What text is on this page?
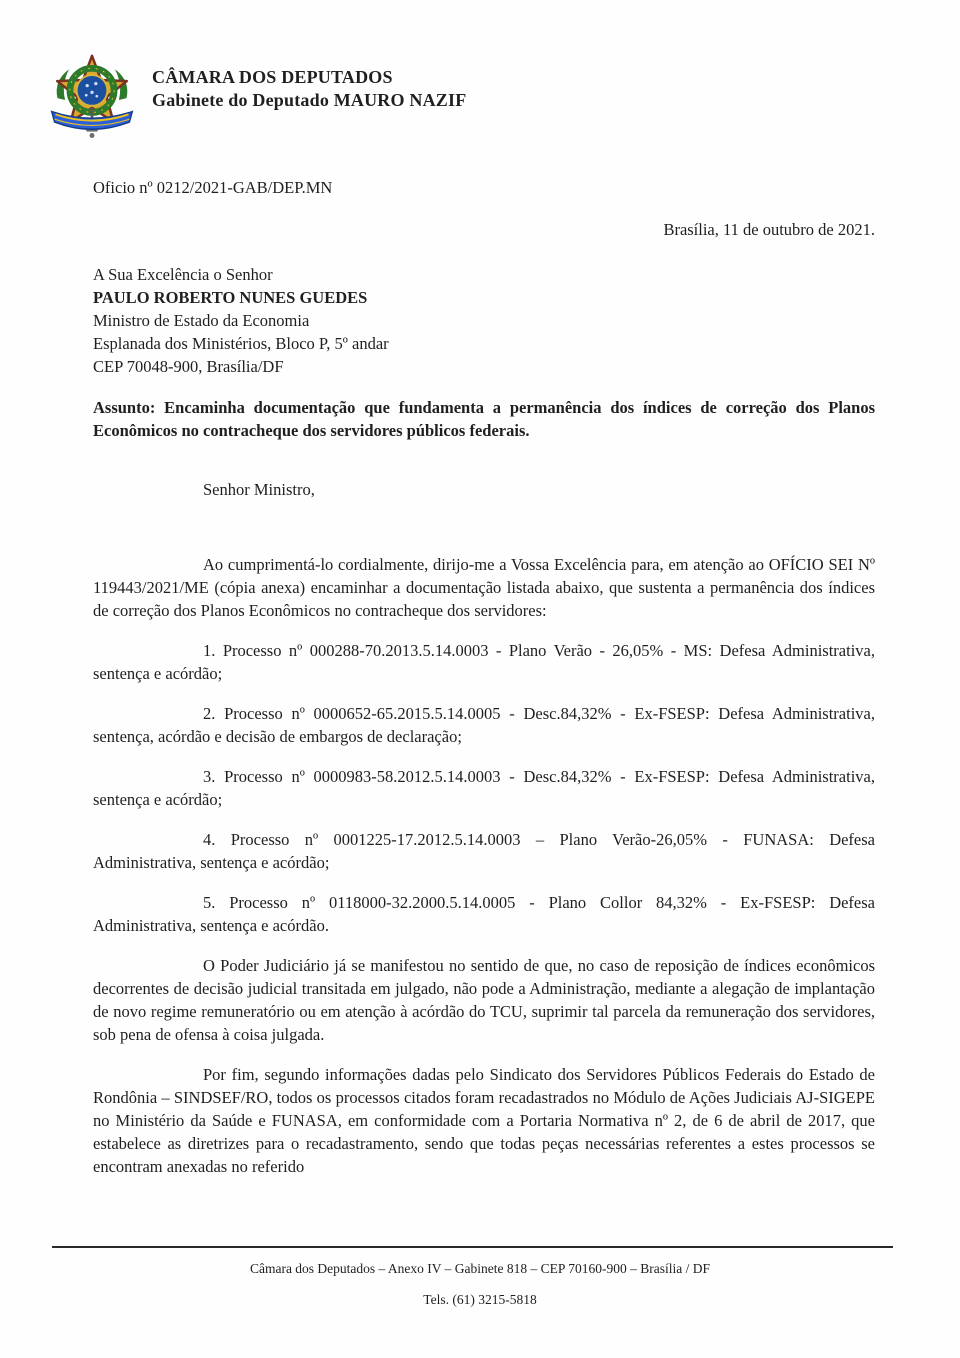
CÂMARA DOS DEPUTADOS
Gabinete do Deputado MAURO NAZIF

Oficio nº 0212/2021-GAB/DEP.MN

Brasília, 11 de outubro de 2021.

A Sua Excelência o Senhor
PAULO ROBERTO NUNES GUEDES
Ministro de Estado da Economia
Esplanada dos Ministérios, Bloco P, 5º andar
CEP 70048-900, Brasília/DF

Assunto: Encaminha documentação que fundamenta a permanência dos índices de correção dos Planos Econômicos no contracheque dos servidores públicos federais.

Senhor Ministro,

Ao cumprimentá-lo cordialmente, dirijo-me a Vossa Excelência para, em atenção ao OFÍCIO SEI Nº 119443/2021/ME (cópia anexa) encaminhar a documentação listada abaixo, que sustenta a permanência dos índices de correção dos Planos Econômicos no contracheque dos servidores:

1. Processo nº 000288-70.2013.5.14.0003 - Plano Verão - 26,05% - MS: Defesa Administrativa, sentença e acórdão;

2. Processo nº 0000652-65.2015.5.14.0005 - Desc.84,32% - Ex-FSESP: Defesa Administrativa, sentença, acórdão e decisão de embargos de declaração;

3. Processo nº 0000983-58.2012.5.14.0003 - Desc.84,32% - Ex-FSESP: Defesa Administrativa, sentença e acórdão;

4. Processo nº 0001225-17.2012.5.14.0003 – Plano Verão-26,05% - FUNASA: Defesa Administrativa, sentença e acórdão;

5. Processo nº 0118000-32.2000.5.14.0005 - Plano Collor 84,32% - Ex-FSESP: Defesa Administrativa, sentença e acórdão.

O Poder Judiciário já se manifestou no sentido de que, no caso de reposição de índices econômicos decorrentes de decisão judicial transitada em julgado, não pode a Administração, mediante a alegação de implantação de novo regime remuneratório ou em atenção à acórdão do TCU, suprimir tal parcela da remuneração dos servidores, sob pena de ofensa à coisa julgada.

Por fim, segundo informações dadas pelo Sindicato dos Servidores Públicos Federais do Estado de Rondônia – SINDSEF/RO, todos os processos citados foram recadastrados no Módulo de Ações Judiciais AJ-SIGEPE no Ministério da Saúde e FUNASA, em conformidade com a Portaria Normativa nº 2, de 6 de abril de 2017, que estabelece as diretrizes para o recadastramento, sendo que todas peças necessárias referentes a estes processos se encontram anexadas no referido

Câmara dos Deputados – Anexo IV – Gabinete 818 – CEP 70160-900 – Brasília / DF
Tels. (61) 3215-5818
